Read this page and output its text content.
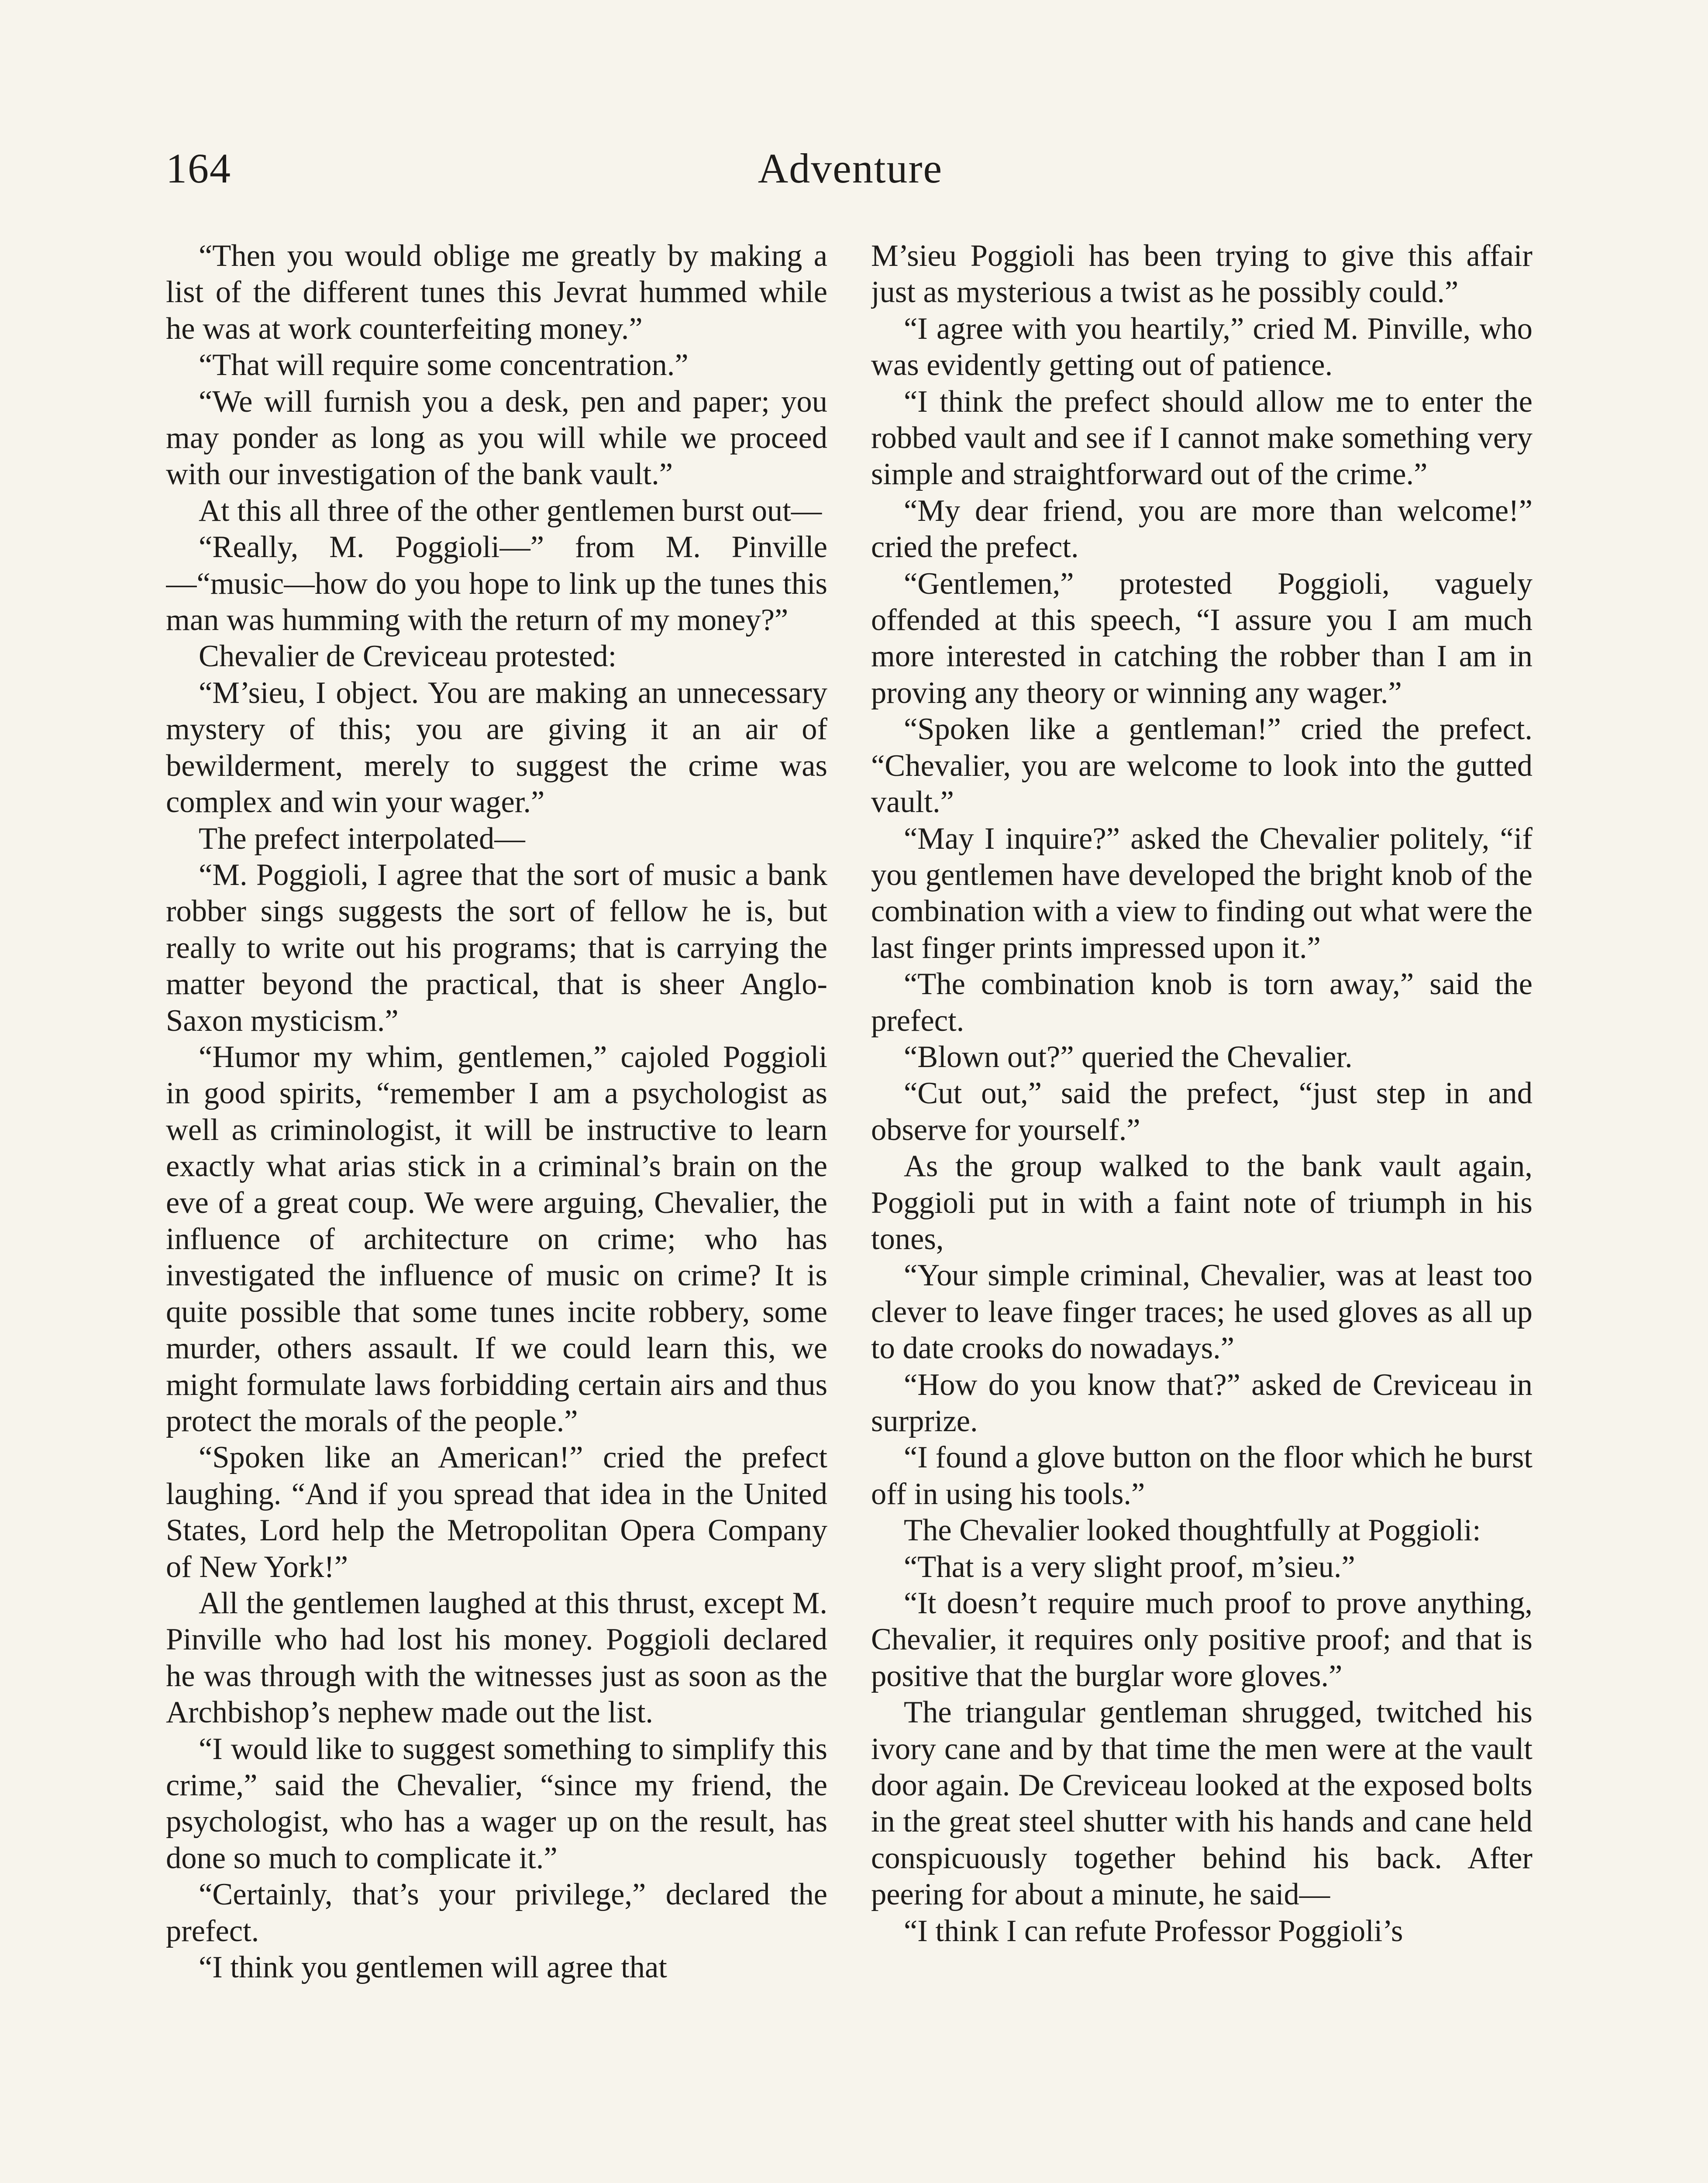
164	Adventure

“Then you would oblige me greatly by making a list of the different tunes this Jevrat hummed while he was at work counterfeiting money.”

“That will require some concentration.”

“We will furnish you a desk, pen and paper; you may ponder as long as you will while we proceed with our investigation of the bank vault.”

At this all three of the other gentlemen burst out—

“Really, M. Poggioli—” from M. Pinville—“music—how do you hope to link up the tunes this man was humming with the return of my money?”

Chevalier de Creviceau protested:

“M’sieu, I object. You are making an unnecessary mystery of this; you are giving it an air of bewilderment, merely to suggest the crime was complex and win your wager.”

The prefect interpolated—

“M. Poggioli, I agree that the sort of music a bank robber sings suggests the sort of fellow he is, but really to write out his programs; that is carrying the matter beyond the practical, that is sheer Anglo-Saxon mysticism.”

“Humor my whim, gentlemen,” cajoled Poggioli in good spirits, “remember I am a psychologist as well as criminologist, it will be instructive to learn exactly what arias stick in a criminal’s brain on the eve of a great coup. We were arguing, Chevalier, the influence of architecture on crime; who has investigated the influence of music on crime? It is quite possible that some tunes incite robbery, some murder, others assault. If we could learn this, we might formulate laws forbidding certain airs and thus protect the morals of the people.”

“Spoken like an American!” cried the prefect laughing. “And if you spread that idea in the United States, Lord help the Metropolitan Opera Company of New York!”

All the gentlemen laughed at this thrust, except M. Pinville who had lost his money. Poggioli declared he was through with the witnesses just as soon as the Archbishop’s nephew made out the list.

“I would like to suggest something to simplify this crime,” said the Chevalier, “since my friend, the psychologist, who has a wager up on the result, has done so much to complicate it.”

“Certainly, that’s your privilege,” declared the prefect.

“I think you gentlemen will agree that

M’sieu Poggioli has been trying to give this affair just as mysterious a twist as he possibly could.”

“I agree with you heartily,” cried M. Pinville, who was evidently getting out of patience.

“I think the prefect should allow me to enter the robbed vault and see if I cannot make something very simple and straightforward out of the crime.”

“My dear friend, you are more than welcome!” cried the prefect.

“Gentlemen,” protested Poggioli, vaguely offended at this speech, “I assure you I am much more interested in catching the robber than I am in proving any theory or winning any wager.”

“Spoken like a gentleman!” cried the prefect. “Chevalier, you are welcome to look into the gutted vault.”

“May I inquire?” asked the Chevalier politely, “if you gentlemen have developed the bright knob of the combination with a view to finding out what were the last finger prints impressed upon it.”

“The combination knob is torn away,” said the prefect.

“Blown out?” queried the Chevalier.

“Cut out,” said the prefect, “just step in and observe for yourself.”

As the group walked to the bank vault again, Poggioli put in with a faint note of triumph in his tones,

“Your simple criminal, Chevalier, was at least too clever to leave finger traces; he used gloves as all up to date crooks do nowadays.”

“How do you know that?” asked de Creviceau in surprize.

“I found a glove button on the floor which he burst off in using his tools.”

The Chevalier looked thoughtfully at Poggioli:

“That is a very slight proof, m’sieu.”

“It doesn’t require much proof to prove anything, Chevalier, it requires only positive proof; and that is positive that the burglar wore gloves.”

The triangular gentleman shrugged, twitched his ivory cane and by that time the men were at the vault door again. De Creviceau looked at the exposed bolts in the great steel shutter with his hands and cane held conspicuously together behind his back. After peering for about a minute, he said—

“I think I can refute Professor Poggioli’s
